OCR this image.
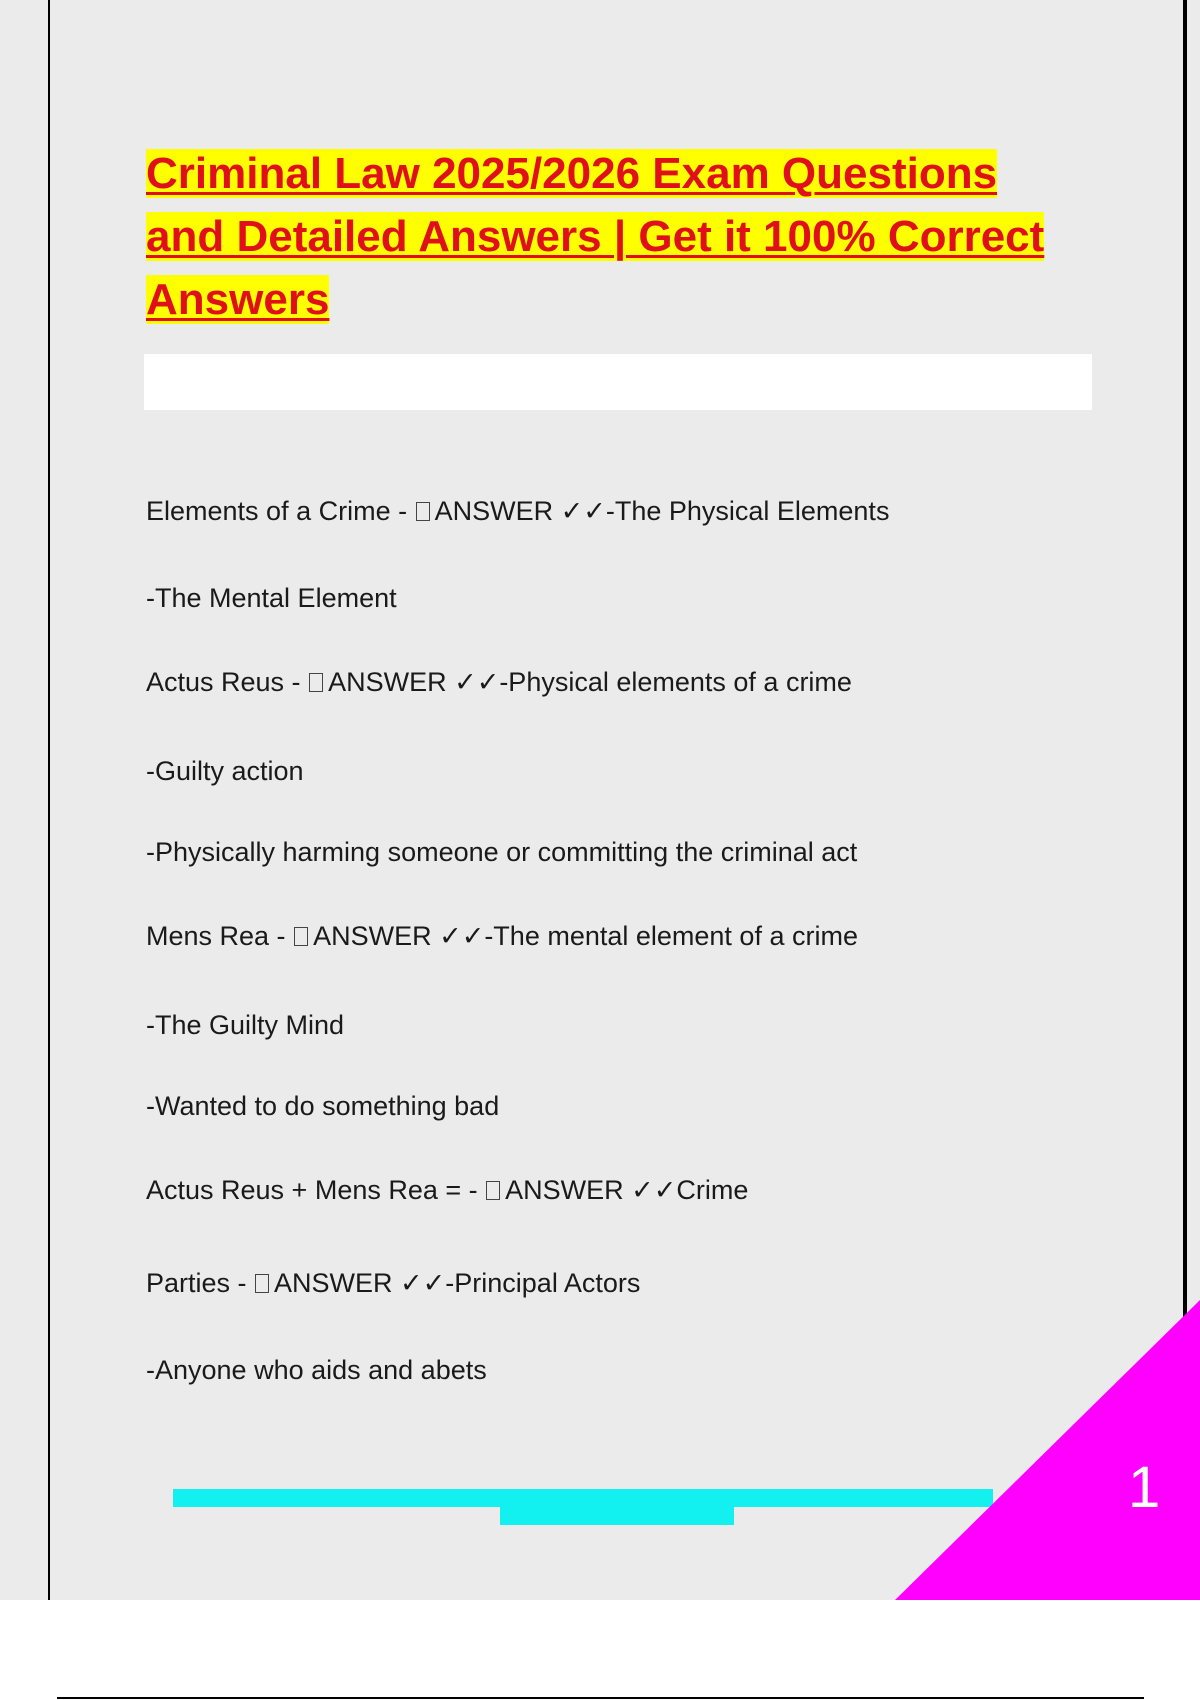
Criminal Law 2025/2026 Exam Questions and Detailed Answers | Get it 100% Correct Answers

Elements of a Crime - ANSWER ✓✓-The Physical Elements

-The Mental Element

Actus Reus - ANSWER ✓✓-Physical elements of a crime

-Guilty action

-Physically harming someone or committing the criminal act

Mens Rea - ANSWER ✓✓-The mental element of a crime

-The Guilty Mind

-Wanted to do something bad

Actus Reus + Mens Rea = - ANSWER ✓✓Crime

Parties - ANSWER ✓✓-Principal Actors

-Anyone who aids and abets

1
